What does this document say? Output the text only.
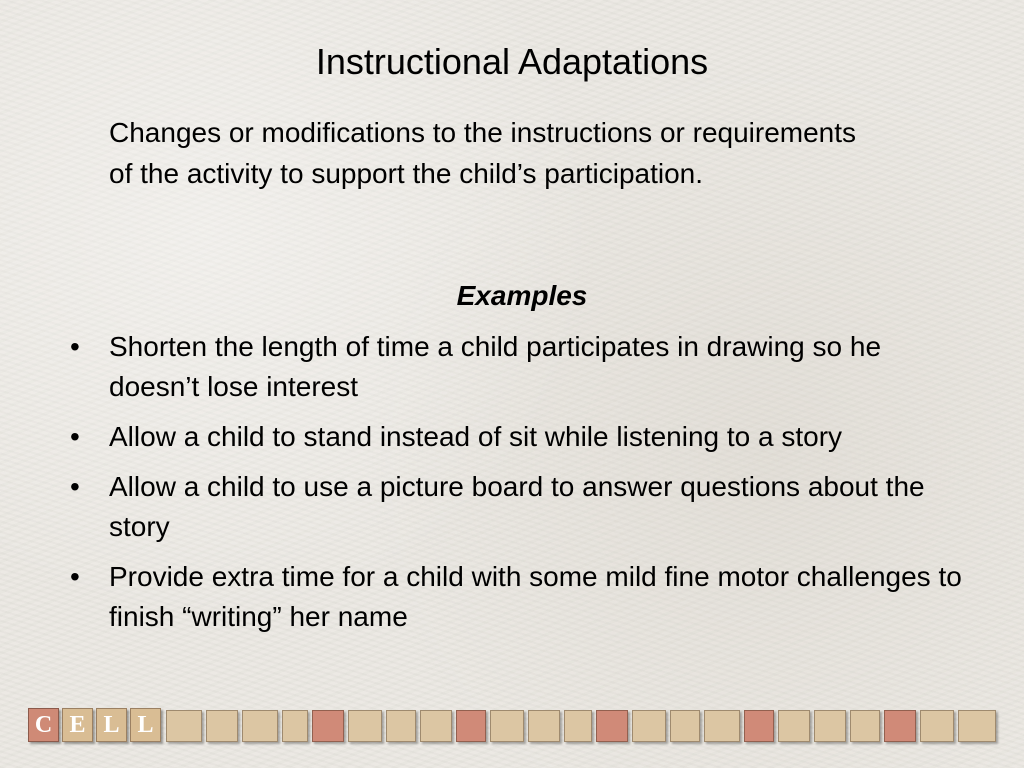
Instructional Adaptations
Changes or modifications to the instructions or requirements of the activity to support the child’s participation.
Examples
•	Shorten the length of time a child participates in drawing so he doesn’t lose interest
•	Allow a child to stand instead of sit while listening to a story
•	Allow a child to use a picture board to answer questions about the story
•	Provide extra time for a child with some mild fine motor challenges to finish “writing” her name
C E L L
